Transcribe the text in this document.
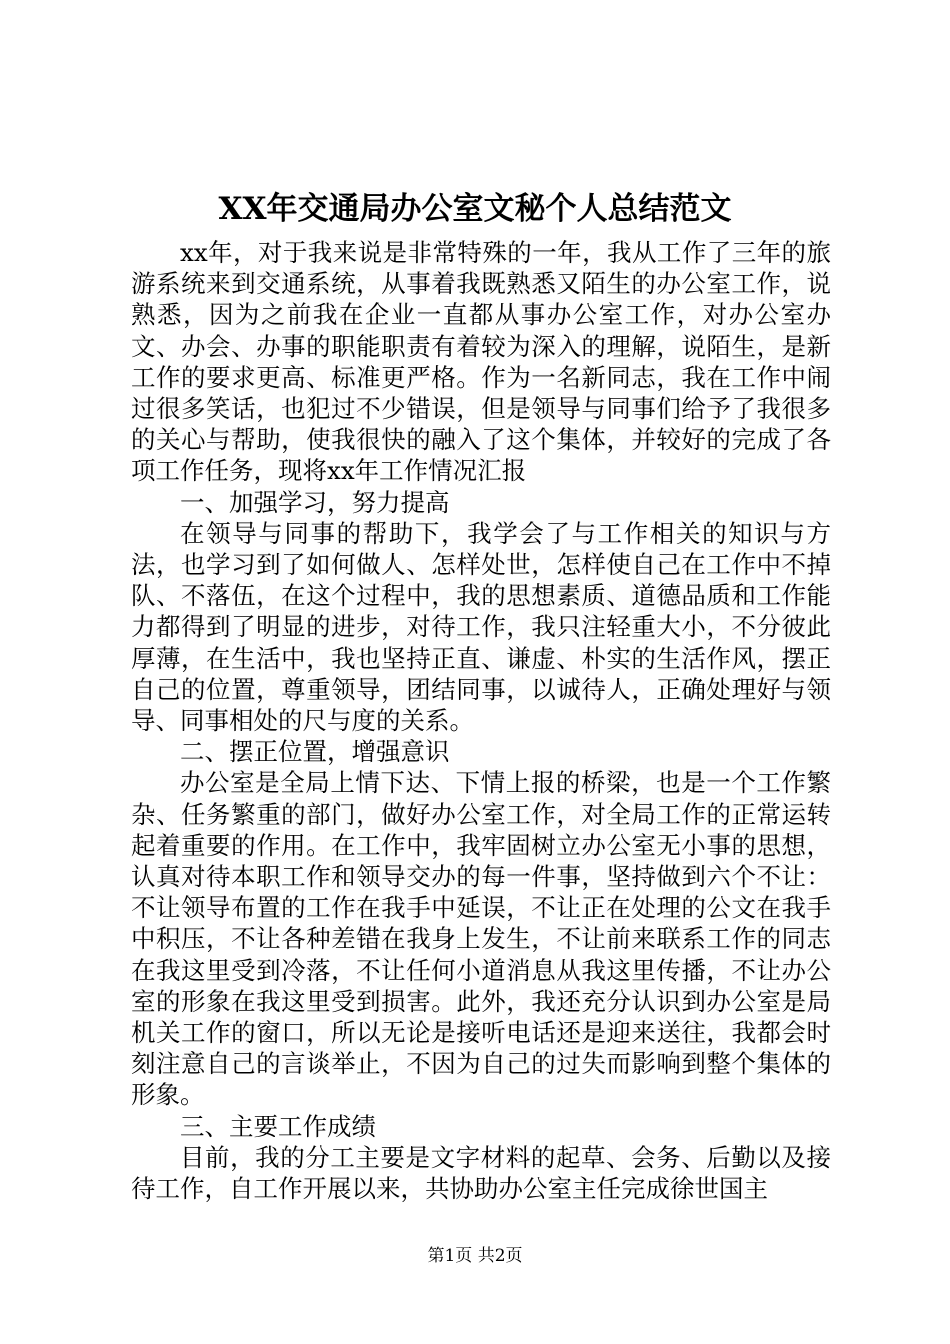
XX年交通局办公室文秘个人总结范文

xx年，对于我来说是非常特殊的一年，我从工作了三年的旅游系统来到交通系统，从事着我既熟悉又陌生的办公室工作，说熟悉，因为之前我在企业一直都从事办公室工作，对办公室办文、办会、办事的职能职责有着较为深入的理解，说陌生，是新工作的要求更高、标准更严格。作为一名新同志，我在工作中闹过很多笑话，也犯过不少错误，但是领导与同事们给予了我很多的关心与帮助，使我很快的融入了这个集体，并较好的完成了各项工作任务，现将xx年工作情况汇报

一、加强学习，努力提高

在领导与同事的帮助下，我学会了与工作相关的知识与方法，也学习到了如何做人、怎样处世，怎样使自己在工作中不掉队、不落伍，在这个过程中，我的思想素质、道德品质和工作能力都得到了明显的进步，对待工作，我只注轻重大小，不分彼此厚薄，在生活中，我也坚持正直、谦虚、朴实的生活作风，摆正自己的位置，尊重领导，团结同事，以诚待人，正确处理好与领导、同事相处的尺与度的关系。

二、摆正位置，增强意识

办公室是全局上情下达、下情上报的桥梁，也是一个工作繁杂、任务繁重的部门，做好办公室工作，对全局工作的正常运转起着重要的作用。在工作中，我牢固树立办公室无小事的思想，认真对待本职工作和领导交办的每一件事，坚持做到六个不让：不让领导布置的工作在我手中延误，不让正在处理的公文在我手中积压，不让各种差错在我身上发生，不让前来联系工作的同志在我这里受到冷落，不让任何小道消息从我这里传播，不让办公室的形象在我这里受到损害。此外，我还充分认识到办公室是局机关工作的窗口，所以无论是接听电话还是迎来送往，我都会时刻注意自己的言谈举止，不因为自己的过失而影响到整个集体的形象。

三、主要工作成绩

目前，我的分工主要是文字材料的起草、会务、后勤以及接待工作，自工作开展以来，共协助办公室主任完成徐世国主

第1页 共2页
